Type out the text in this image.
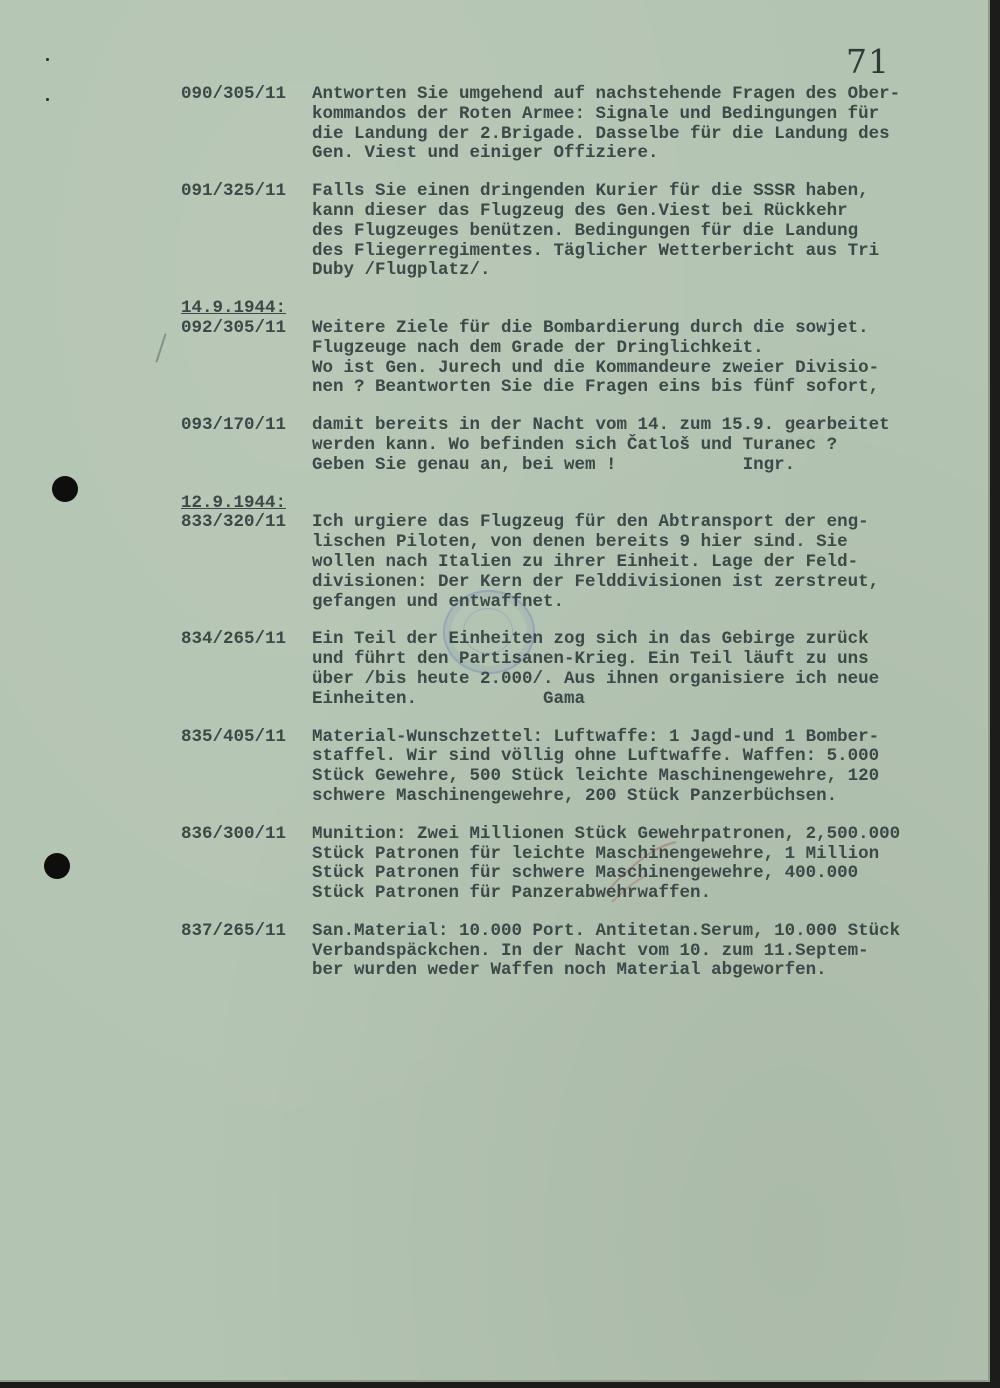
71
090/305/11	Antworten Sie umgehend auf nachstehende Fragen des Ober-
kommandos der Roten Armee: Signale und Bedingungen für
die Landung der 2.Brigade. Dasselbe für die Landung des
Gen. Viest und einiger Offiziere.
091/325/11	Falls Sie einen dringenden Kurier für die SSSR haben,
kann dieser das Flugzeug des Gen.Viest bei Rückkehr
des Flugzeuges benützen. Bedingungen für die Landung
des Fliegerregimentes. Täglicher Wetterbericht aus Tri
Duby /Flugplatz/.
14.9.1944:
092/305/11	Weitere Ziele für die Bombardierung durch die sowjet.
Flugzeuge nach dem Grade der Dringlichkeit.
Wo ist Gen. Jurech und die Kommandeure zweier Divisio-
nen ? Beantworten Sie die Fragen eins bis fünf sofort,
093/170/11	damit bereits in der Nacht vom 14. zum 15.9. gearbeitet
werden kann. Wo befinden sich Čatloš und Turanec ?
Geben Sie genau an, bei wem !            Ingr.
12.9.1944:
833/320/11	Ich urgiere das Flugzeug für den Abtransport der eng-
lischen Piloten, von denen bereits 9 hier sind. Sie
wollen nach Italien zu ihrer Einheit. Lage der Feld-
divisionen: Der Kern der Felddivisionen ist zerstreut,
gefangen und entwaffnet.
834/265/11	Ein Teil der Einheiten zog sich in das Gebirge zurück
und führt den Partisanen-Krieg. Ein Teil läuft zu uns
über /bis heute 2.000/. Aus ihnen organisiere ich neue
Einheiten.            Gama
835/405/11	Material-Wunschzettel: Luftwaffe: 1 Jagd-und 1 Bomber-
staffel. Wir sind völlig ohne Luftwaffe. Waffen: 5.000
Stück Gewehre, 500 Stück leichte Maschinengewehre, 120
schwere Maschinengewehre, 200 Stück Panzerbüchsen.
836/300/11	Munition: Zwei Millionen Stück Gewehrpatronen, 2,500.000
Stück Patronen für leichte Maschinengewehre, 1 Million
Stück Patronen für schwere Maschinengewehre, 400.000
Stück Patronen für Panzerabwehrwaffen.
837/265/11	San.Material: 10.000 Port. Antitetan.Serum, 10.000 Stück
Verbandspäckchen. In der Nacht vom 10. zum 11.Septem-
ber wurden weder Waffen noch Material abgeworfen.
